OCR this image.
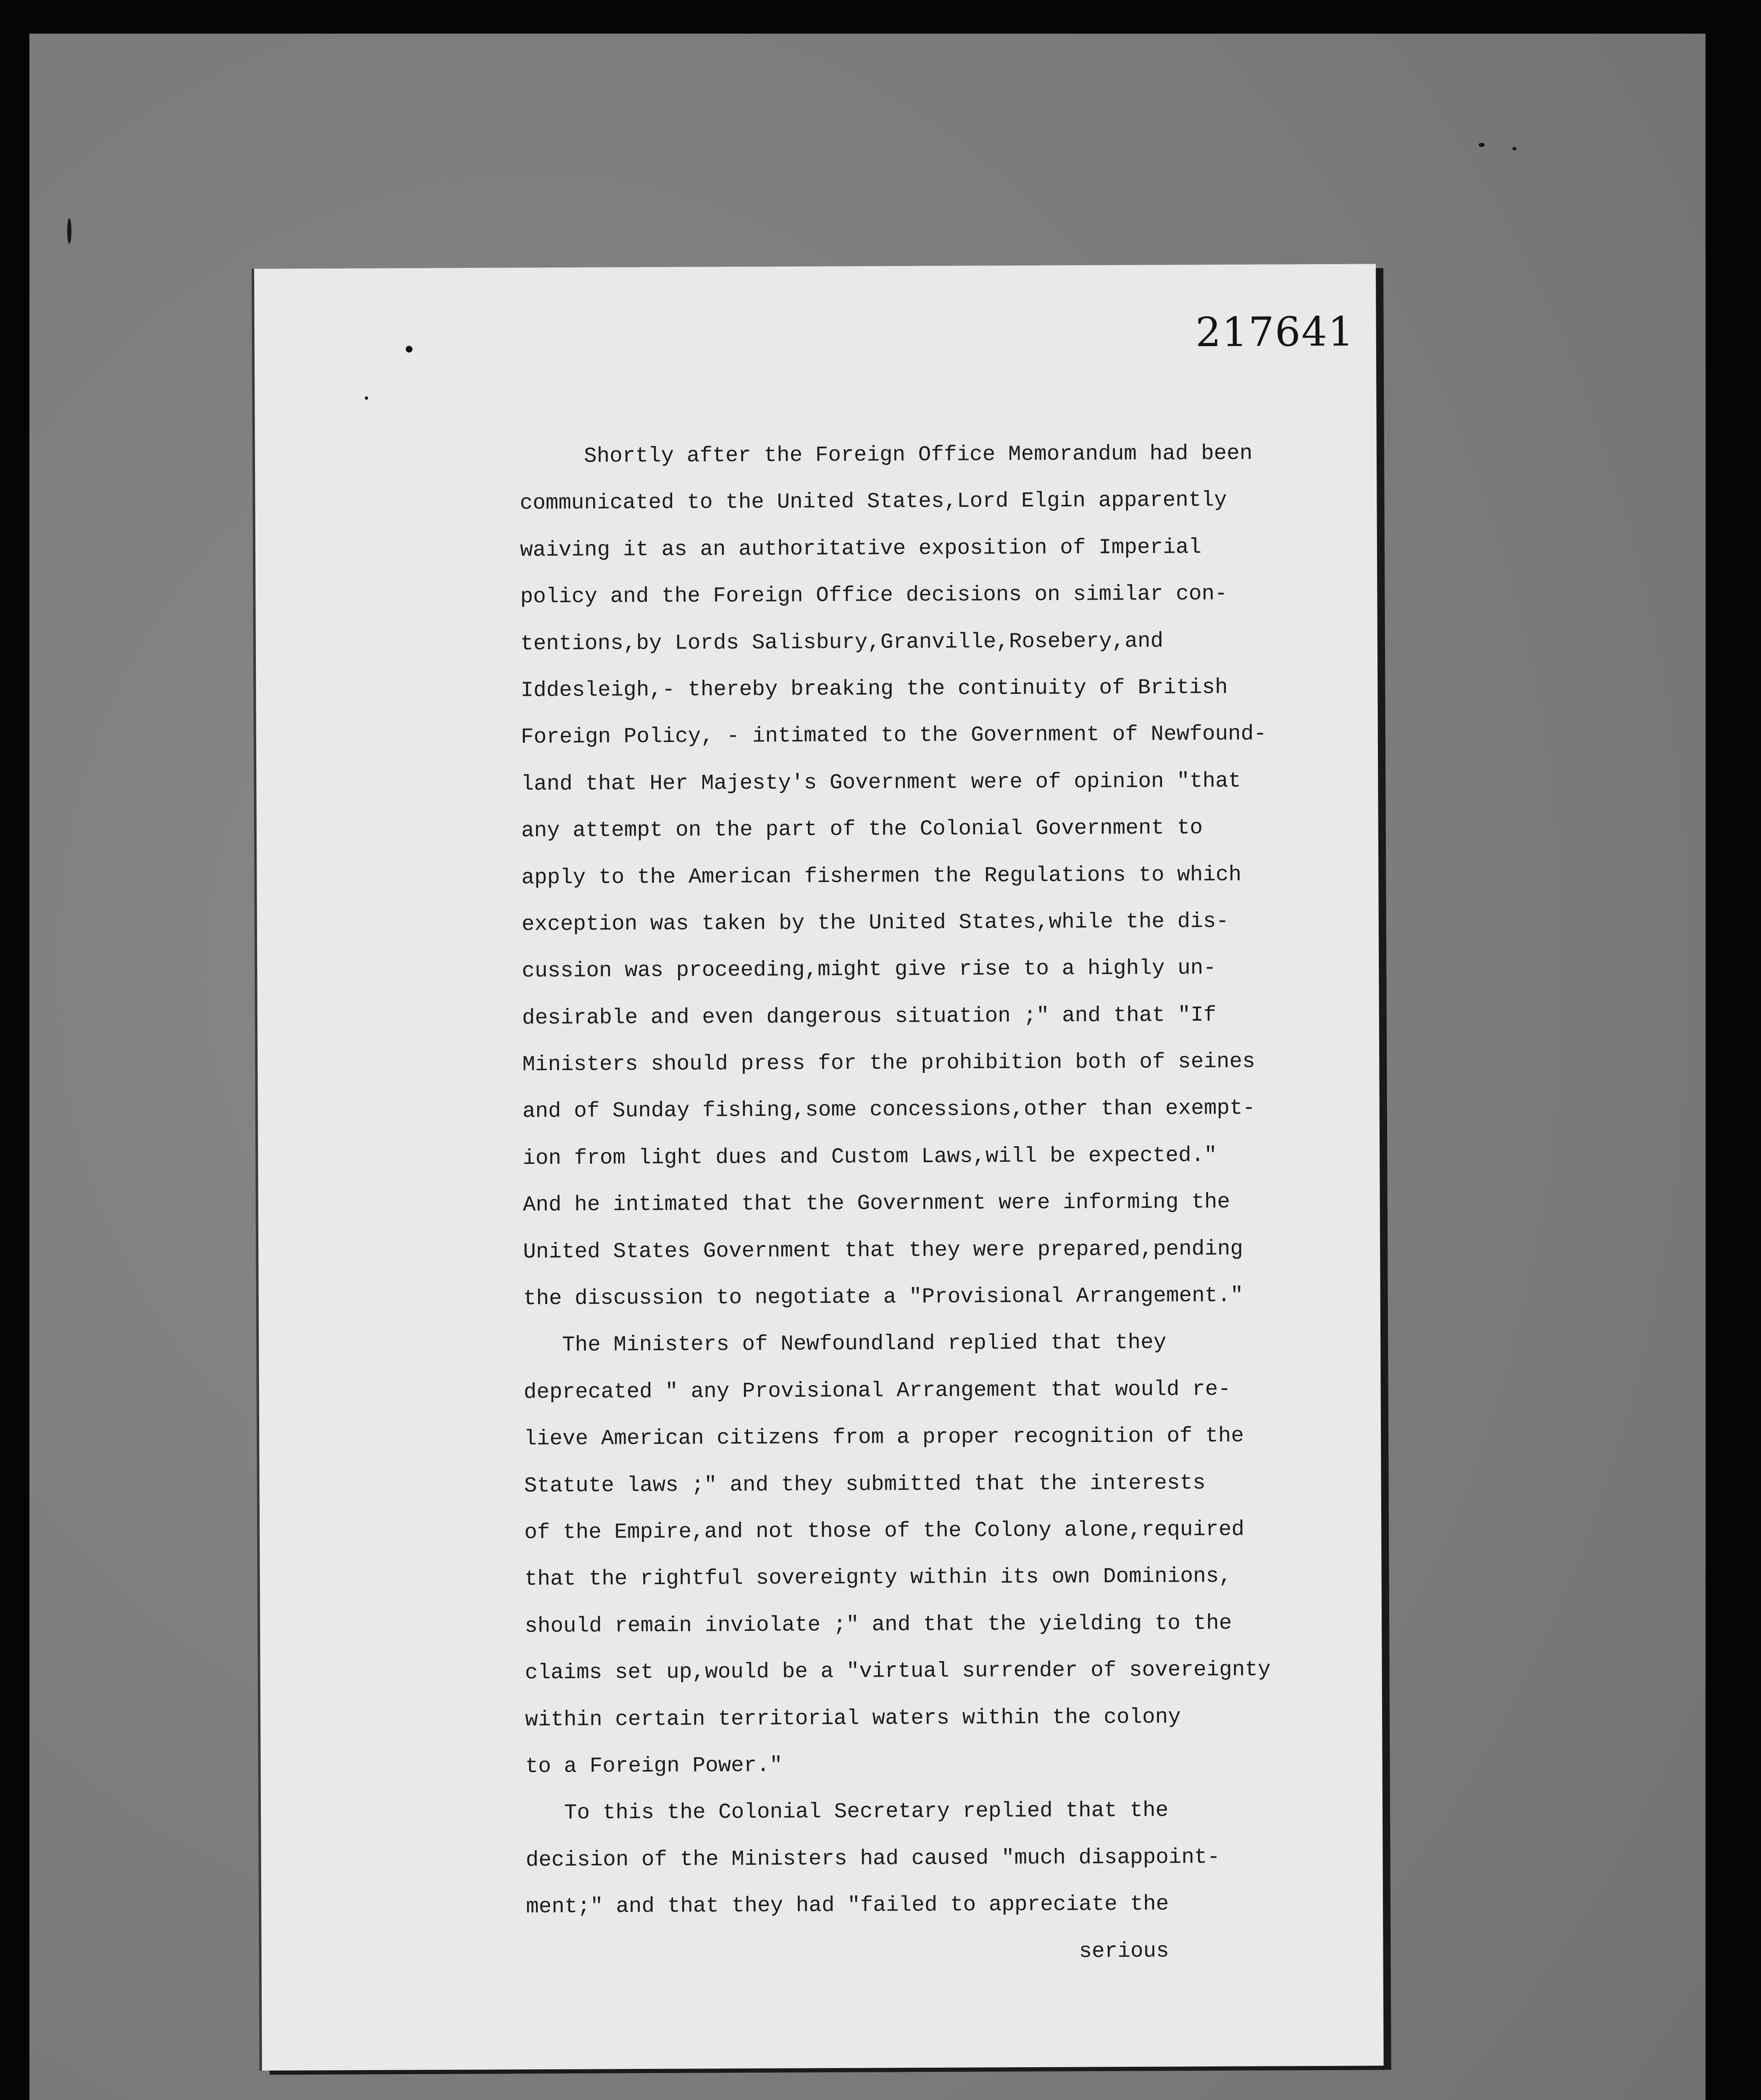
217641
Shortly after the Foreign Office Memorandum had been
communicated to the United States,Lord Elgin apparently
waiving it as an authoritative exposition of Imperial
policy and the Foreign Office decisions on similar con-
tentions,by Lords Salisbury,Granville,Rosebery,and
Iddesleigh,- thereby breaking the continuity of British
Foreign Policy, - intimated to the Government of Newfound-
land that Her Majesty's Government were of opinion "that
any attempt on the part of the Colonial Government to
apply to the American fishermen the Regulations to which
exception was taken by the United States,while the dis-
cussion was proceeding,might give rise to a highly un-
desirable and even dangerous situation ;" and that "If
Ministers should press for the prohibition both of seines
and of Sunday fishing,some concessions,other than exempt-
ion from light dues and Custom Laws,will be expected."
And he intimated that the Government were informing the
United States Government that they were prepared,pending
the discussion to negotiate a "Provisional Arrangement."
The Ministers of Newfoundland replied that they
deprecated " any Provisional Arrangement that would re-
lieve American citizens from a proper recognition of the
Statute laws ;" and they submitted that the interests
of the Empire,and not those of the Colony alone,required
that the rightful sovereignty within its own Dominions,
should remain inviolate ;" and that the yielding to the
claims set up,would be a "virtual surrender of sovereignty
within certain territorial waters within the colony
to a Foreign Power."
To this the Colonial Secretary replied that the
decision of the Ministers had caused "much disappoint-
ment;" and that they had "failed to appreciate the
serious
